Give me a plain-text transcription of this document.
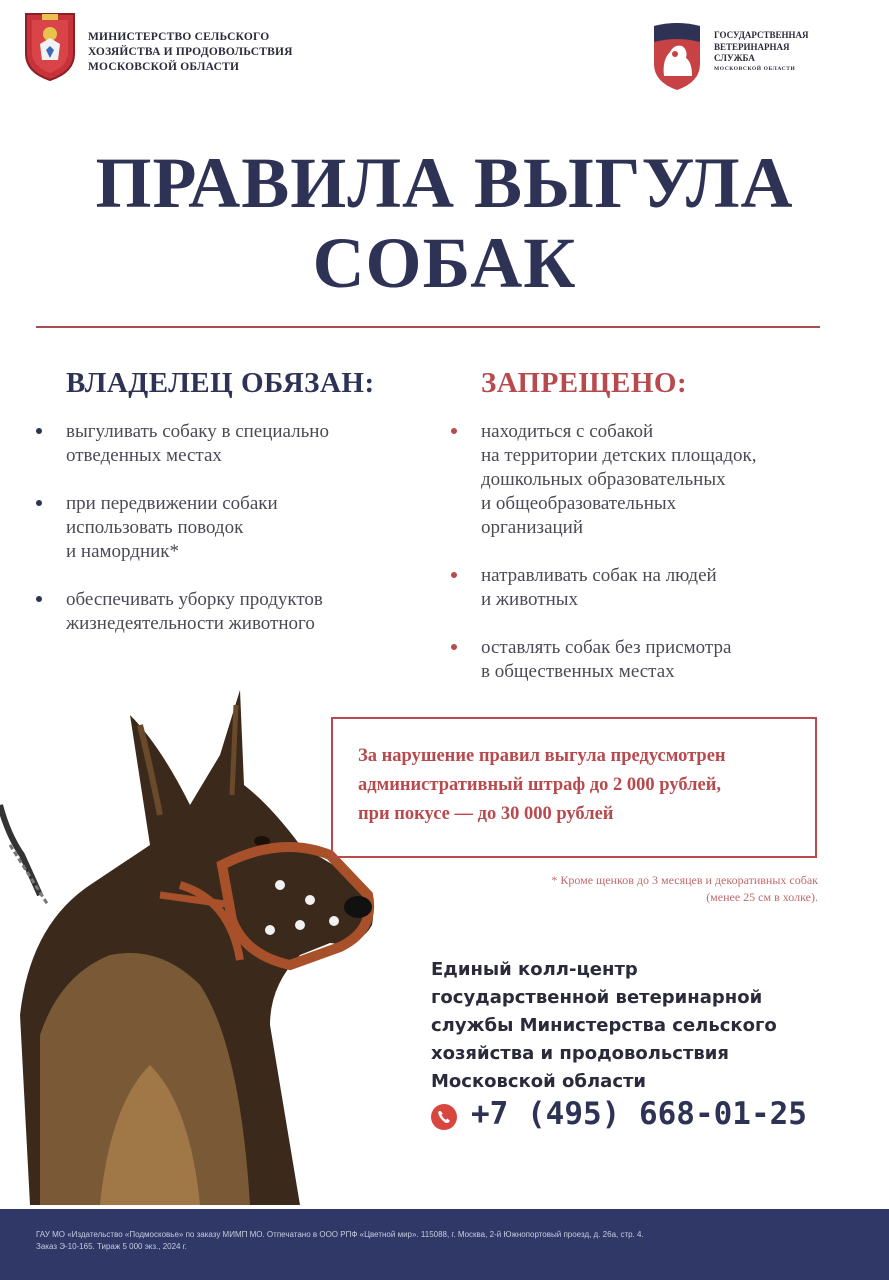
МИНИСТЕРСТВО СЕЛЬСКОГО
ХОЗЯЙСТВА И ПРОДОВОЛЬСТВИЯ
МОСКОВСКОЙ ОБЛАСТИ
ГОСУДАРСТВЕННАЯ
ВЕТЕРИНАРНАЯ
СЛУЖБА
МОСКОВСКОЙ ОБЛАСТИ
ПРАВИЛА ВЫГУЛА
СОБАК
ВЛАДЕЛЕЦ ОБЯЗАН:
выгуливать собаку в специально
отведенных местах
при передвижении собаки
использовать поводок
и намордник*
обеспечивать уборку продуктов
жизнедеятельности животного
ЗАПРЕЩЕНО:
находиться с собакой
на территории детских площадок,
дошкольных образовательных
и общеобразовательных
организаций
натравливать собак на людей
и животных
оставлять собак без присмотра
в общественных местах
За нарушение правил выгула предусмотрен
административный штраф до 2 000 рублей,
при покусе — до 30 000 рублей
* Кроме щенков до 3 месяцев и декоративных собак
(менее 25 см в холке).
Единый колл-центр
государственной ветеринарной
службы Министерства сельского
хозяйства и продовольствия
Московской области
+7 (495) 668-01-25
ГАУ МО «Издательство «Подмосковье» по заказу МИМП МО. Отпечатано в ООО РПФ «Цветной мир». 115088, г. Москва, 2-й Южнопортовый проезд, д. 26а, стр. 4.
Заказ Э-10-165. Тираж 5 000 экз., 2024 г.
